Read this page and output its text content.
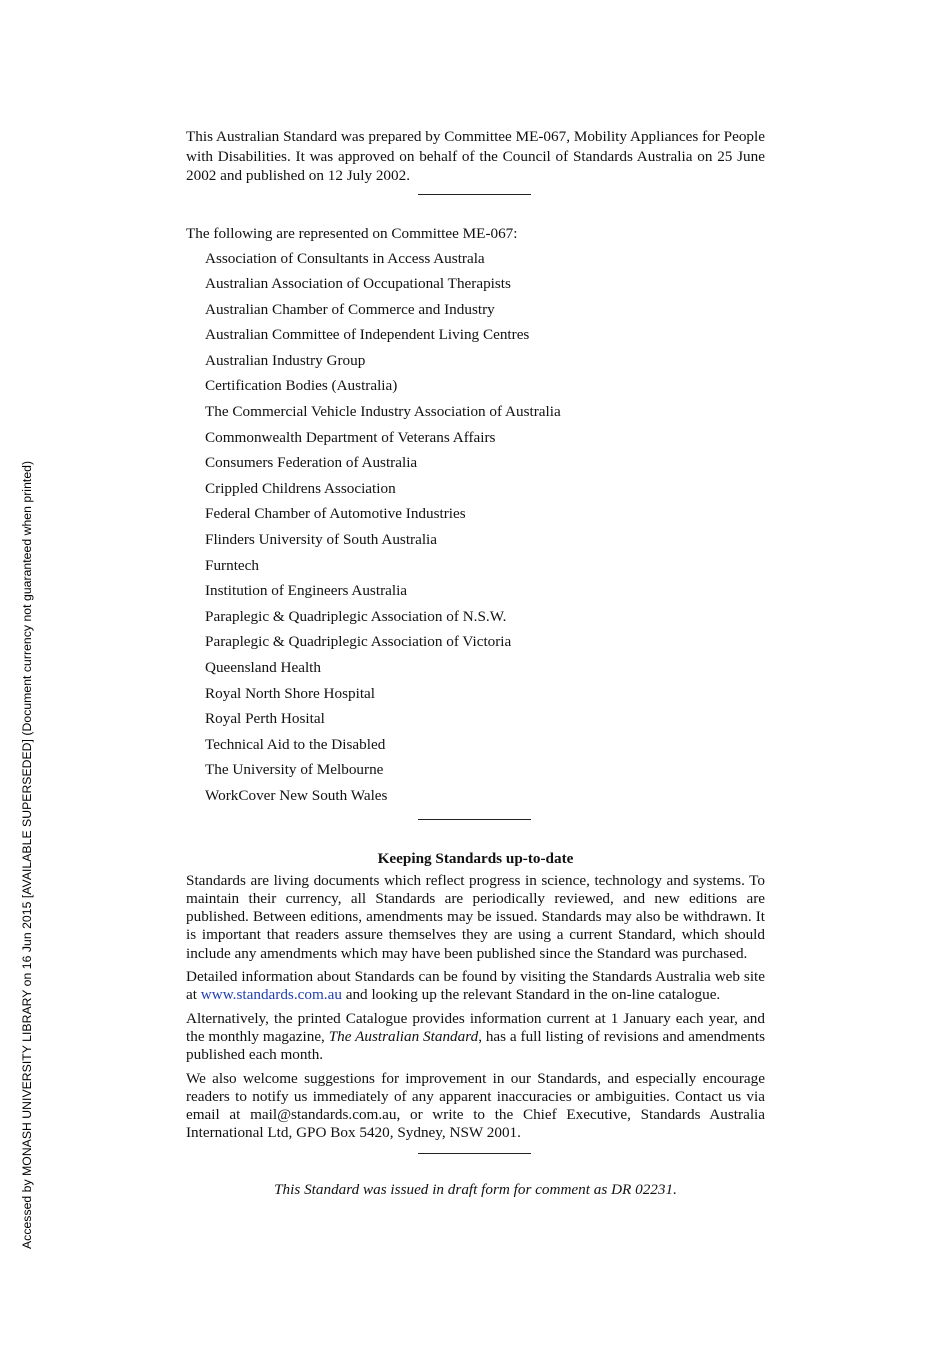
Accessed by MONASH UNIVERSITY LIBRARY on 16 Jun 2015 [AVAILABLE SUPERSEDED] (Document currency not guaranteed when printed)

This Australian Standard was prepared by Committee ME-067, Mobility Appliances for People with Disabilities. It was approved on behalf of the Council of Standards Australia on 25 June 2002 and published on 12 July 2002.

The following are represented on Committee ME-067:
Association of Consultants in Access Australa
Australian Association of Occupational Therapists
Australian Chamber of Commerce and Industry
Australian Committee of Independent Living Centres
Australian Industry Group
Certification Bodies (Australia)
The Commercial Vehicle Industry Association of Australia
Commonwealth Department of Veterans Affairs
Consumers Federation of Australia
Crippled Childrens Association
Federal Chamber of Automotive Industries
Flinders University of South Australia
Furntech
Institution of Engineers Australia
Paraplegic & Quadriplegic Association of N.S.W.
Paraplegic & Quadriplegic Association of Victoria
Queensland Health
Royal North Shore Hospital
Royal Perth Hosital
Technical Aid to the Disabled
The University of Melbourne
WorkCover New South Wales
Keeping Standards up-to-date

Standards are living documents which reflect progress in science, technology and systems. To maintain their currency, all Standards are periodically reviewed, and new editions are published. Between editions, amendments may be issued. Standards may also be withdrawn. It is important that readers assure themselves they are using a current Standard, which should include any amendments which may have been published since the Standard was purchased.

Detailed information about Standards can be found by visiting the Standards Australia web site at www.standards.com.au and looking up the relevant Standard in the on-line catalogue.

Alternatively, the printed Catalogue provides information current at 1 January each year, and the monthly magazine, The Australian Standard, has a full listing of revisions and amendments published each month.

We also welcome suggestions for improvement in our Standards, and especially encourage readers to notify us immediately of any apparent inaccuracies or ambiguities. Contact us via email at mail@standards.com.au, or write to the Chief Executive, Standards Australia International Ltd, GPO Box 5420, Sydney, NSW 2001.

This Standard was issued in draft form for comment as DR 02231.
